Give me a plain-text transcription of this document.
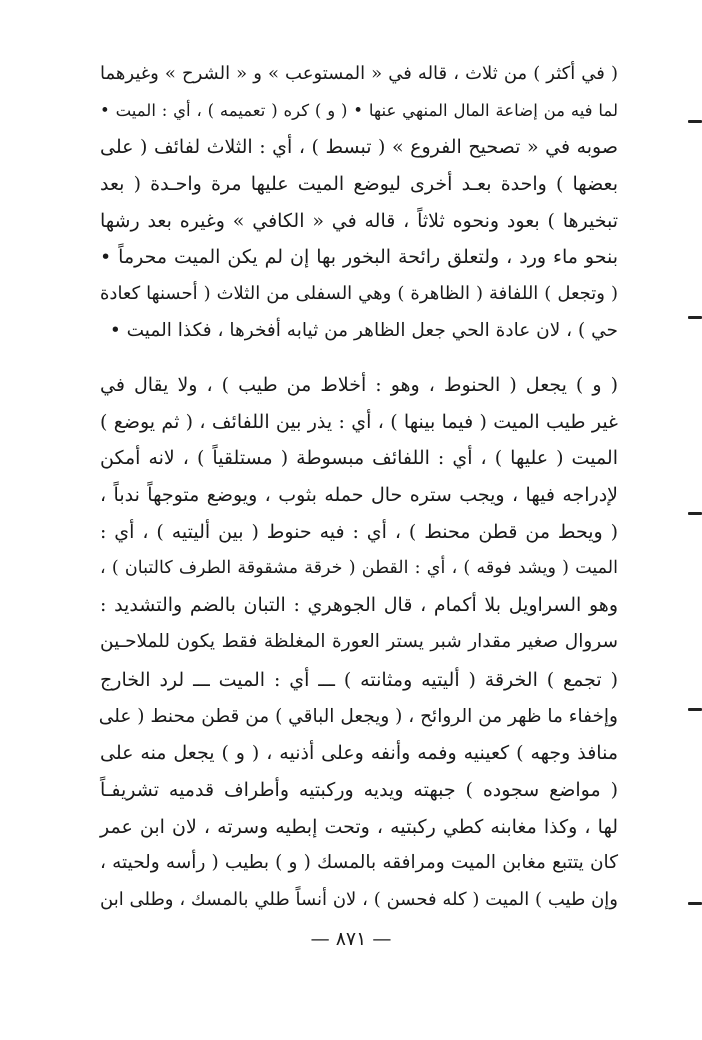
( في أكثر ) من ثلاث ، قاله في « المستوعب » و « الشرح » وغيرهما
لما فيه من إضاعة المال المنهي عنها • ( و ) كره ( تعميمه ) ، أي : الميت •
صوبه في « تصحيح الفروع » ( تبسط ) ، أي : الثلاث لفائف ( على
بعضها ) واحدة بعـد أخرى ليوضع الميت عليها مرة واحـدة ( بعد
تبخيرها ) بعود ونحوه ثلاثاً ، قاله في « الكافي » وغيره بعد رشها
بنحو ماء ورد ، ولتعلق رائحة البخور بها إن لم يكن الميت محرماً •
( وتجعل ) اللفافة ( الظاهرة ) وهي السفلى من الثلاث ( أحسنها كعادة
حي ) ، لان عادة الحي جعل الظاهر من ثيابه أفخرها ، فكذا الميت •
( و ) يجعل ( الحنوط ، وهو : أخلاط من طيب ) ، ولا يقال في
غير طيب الميت ( فيما بينها ) ، أي : يذر بين اللفائف ، ( ثم يوضع )
الميت ( عليها ) ، أي : اللفائف مبسوطة ( مستلقياً ) ، لانه أمكن
لإدراجه فيها ، ويجب ستره حال حمله بثوب ، ويوضع متوجهاً ندباً ،
( ويحط من قطن محنط ) ، أي : فيه حنوط ( بين أليتيه ) ، أي :
الميت ( ويشد فوقه ) ، أي : القطن ( خرقة مشقوقة الطرف كالتبان ) ،
وهو السراويل بلا أكمام ، قال الجوهري : التبان بالضم والتشديد :
سروال صغير مقدار شبر يستر العورة المغلظة فقط يكون للملاحـين
( تجمع ) الخرقة ( أليتيه ومثانته ) ـــ أي : الميت ـــ لرد الخارج
وإخفاء ما ظهر من الروائح ، ( ويجعل الباقي ) من قطن محنط ( على
منافذ وجهه ) كعينيه وفمه وأنفه وعلى أذنيه ، ( و ) يجعل منه على
( مواضع سجوده ) جبهته ويديه وركبتيه وأطراف قدميه تشريفـاً
لها ، وكذا مغابنه كطي ركبتيه ، وتحت إبطيه وسرته ، لان ابن عمر
كان يتتبع مغابن الميت ومرافقه بالمسك ( و ) بطيب ( رأسه ولحيته ،
وإن طيب ) الميت ( كله فحسن ) ، لان أنساً طلي بالمسك ، وطلى ابن
— ٨٧١ —
